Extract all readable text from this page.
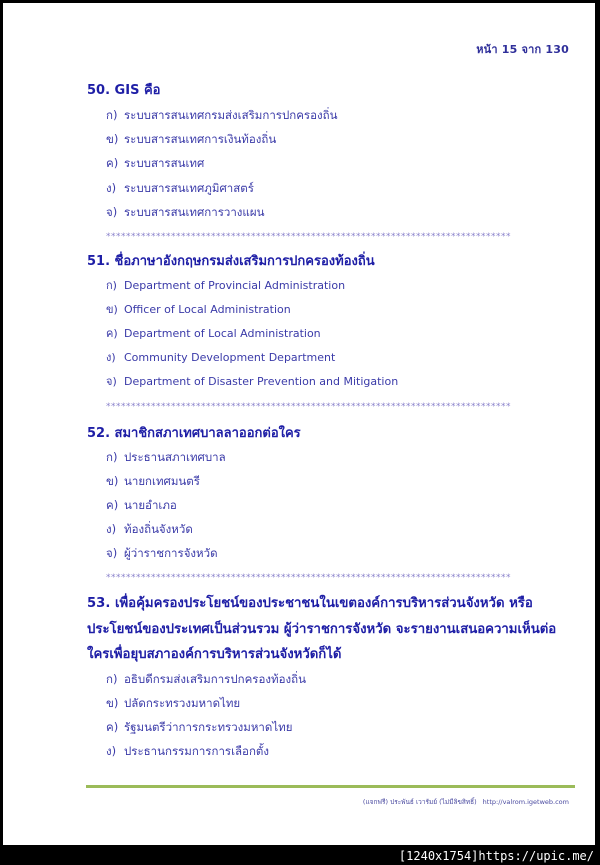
หน้า 15 จาก 130
50. GIS คือ
ก) ระบบสารสนเทศกรมส่งเสริมการปกครองถิ่น
ข) ระบบสารสนเทศการเงินท้องถิ่น
ค) ระบบสารสนเทศ
ง) ระบบสารสนเทศภูมิศาสตร์
จ) ระบบสารสนเทศการวางแผน
*********************************************************************************
51. ชื่อภาษาอังกฤษกรมส่งเสริมการปกครองท้องถิ่น
ก) Department of Provincial Administration
ข) Officer of Local Administration
ค) Department of Local Administration
ง) Community Development Department
จ) Department of Disaster Prevention and Mitigation
*********************************************************************************
52. สมาชิกสภาเทศบาลลาออกต่อใคร
ก) ประธานสภาเทศบาล
ข) นายกเทศมนตรี
ค) นายอำเภอ
ง) ท้องถิ่นจังหวัด
จ) ผู้ว่าราชการจังหวัด
*********************************************************************************
53. เพื่อคุ้มครองประโยชน์ของประชาชนในเขตองค์การบริหารส่วนจังหวัด หรือประโยชน์ของประเทศเป็นส่วนรวม ผู้ว่าราชการจังหวัด จะรายงานเสนอความเห็นต่อใครเพื่อยุบสภาองค์การบริหารส่วนจังหวัดก็ได้
ก) อธิบดีกรมส่งเสริมการปกครองท้องถิ่น
ข) ปลัดกระทรวงมหาดไทย
ค) รัฐมนตรีว่าการกระทรวงมหาดไทย
ง) ประธานกรรมการการเลือกตั้ง
(แจกฟรี) ประพันธ์ เวารัมย์ (ไม่มีลิขสิทธิ์) http://valrom.igetweb.com
[1240x1754]https://upic.me/
